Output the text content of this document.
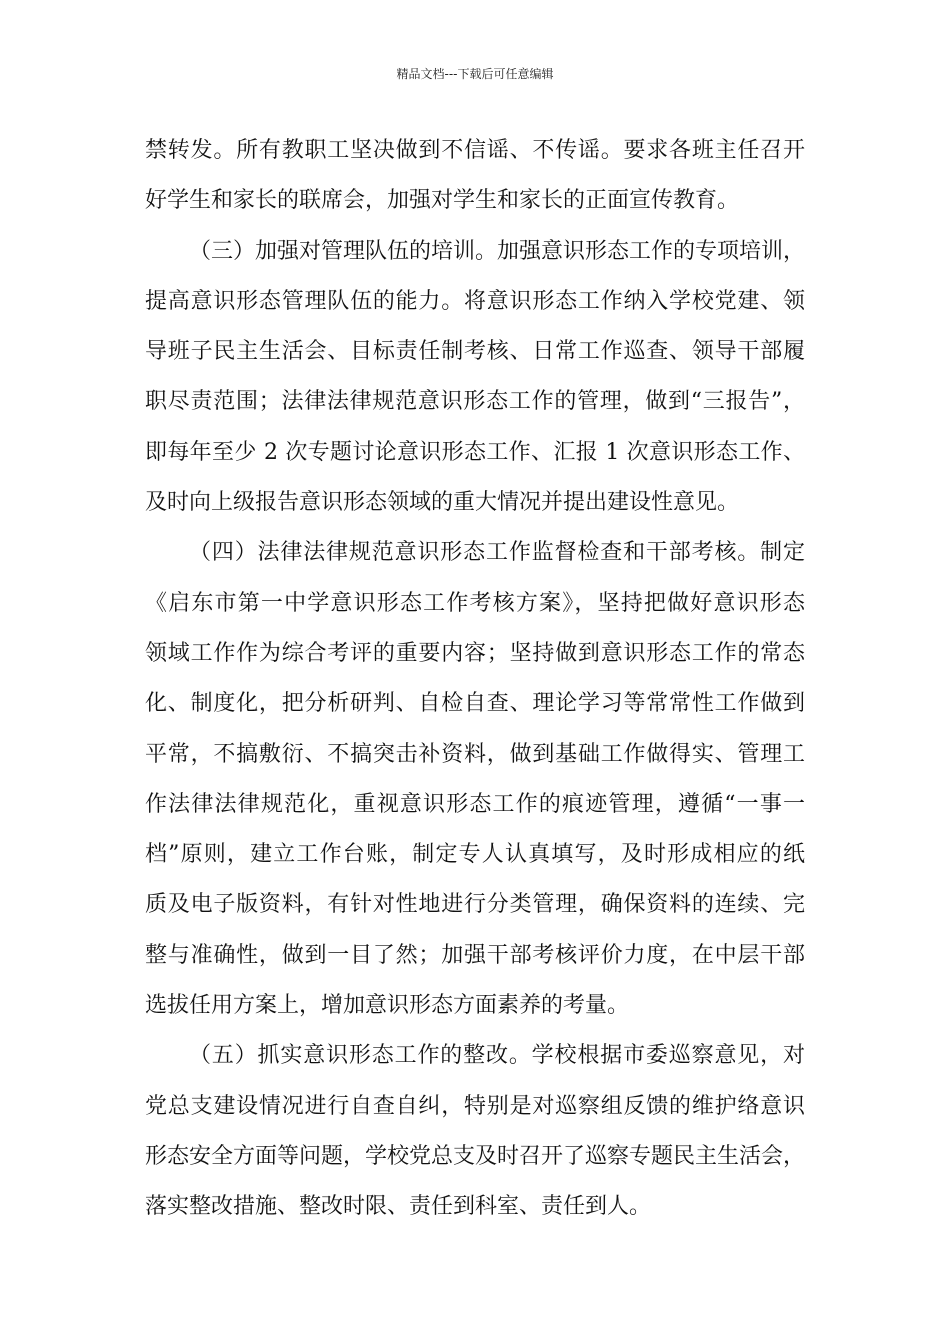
精品文档---下载后可任意编辑
禁转发。所有教职工坚决做到不信谣、不传谣。要求各班主任召开
好学生和家长的联席会，加强对学生和家长的正面宣传教育。
（三）加强对管理队伍的培训。加强意识形态工作的专项培训，
提高意识形态管理队伍的能力。将意识形态工作纳入学校党建、领
导班子民主生活会、目标责任制考核、日常工作巡查、领导干部履
职尽责范围；法律法律规范意识形态工作的管理，做到“三报告”，
即每年至少 2 次专题讨论意识形态工作、汇报 1 次意识形态工作、
及时向上级报告意识形态领域的重大情况并提出建设性意见。
（四）法律法律规范意识形态工作监督检查和干部考核。制定
《启东市第一中学意识形态工作考核方案》，坚持把做好意识形态
领域工作作为综合考评的重要内容；坚持做到意识形态工作的常态
化、制度化，把分析研判、自检自查、理论学习等常常性工作做到
平常，不搞敷衍、不搞突击补资料，做到基础工作做得实、管理工
作法律法律规范化，重视意识形态工作的痕迹管理，遵循“一事一
档”原则，建立工作台账，制定专人认真填写，及时形成相应的纸
质及电子版资料，有针对性地进行分类管理，确保资料的连续、完
整与准确性，做到一目了然；加强干部考核评价力度，在中层干部
选拔任用方案上，增加意识形态方面素养的考量。
（五）抓实意识形态工作的整改。学校根据市委巡察意见，对
党总支建设情况进行自查自纠，特别是对巡察组反馈的维护络意识
形态安全方面等问题，学校党总支及时召开了巡察专题民主生活会，
落实整改措施、整改时限、责任到科室、责任到人。
